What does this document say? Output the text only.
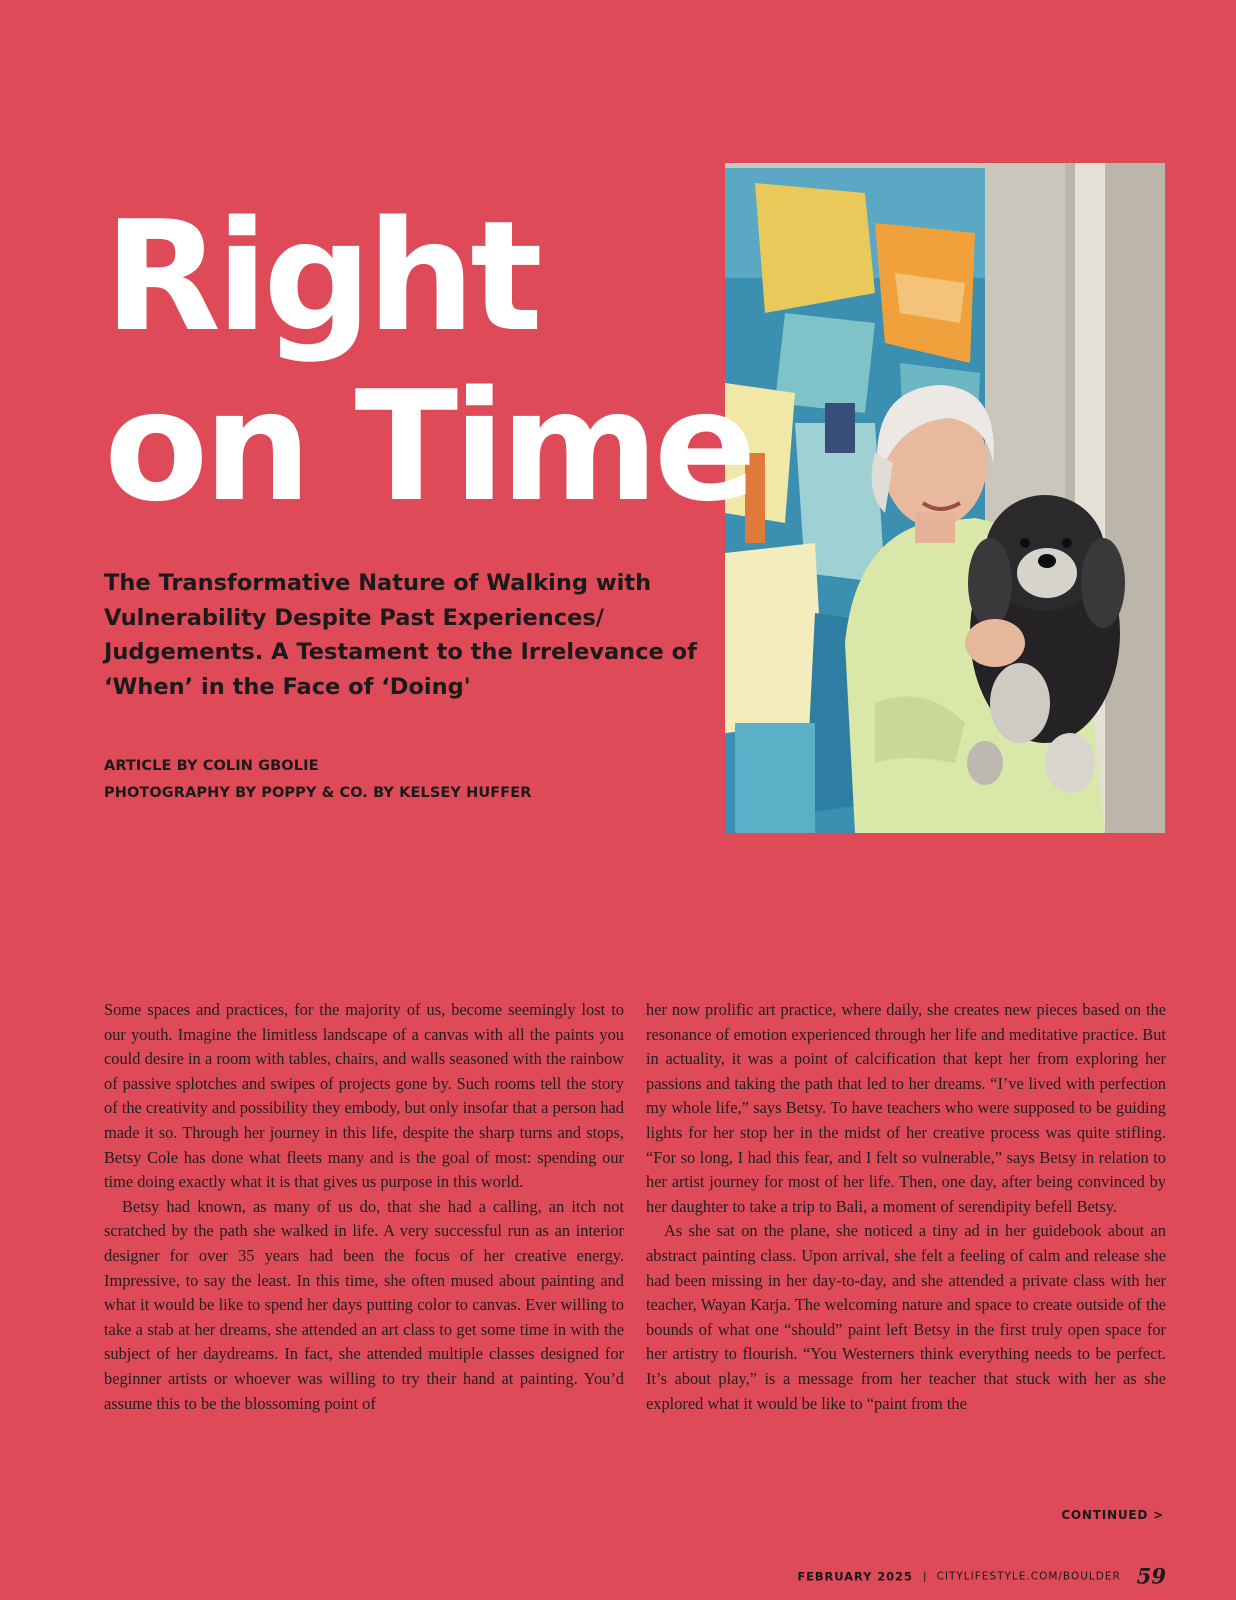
Right
on Time
The Transformative Nature of Walking with Vulnerability Despite Past Experiences/ Judgements. A Testament to the Irrelevance of ‘When’ in the Face of ‘Doing'
ARTICLE BY COLIN GBOLIE
PHOTOGRAPHY BY POPPY & CO. BY KELSEY HUFFER

Some spaces and practices, for the majority of us, become seemingly lost to our youth. Imagine the limitless landscape of a canvas with all the paints you could desire in a room with tables, chairs, and walls seasoned with the rainbow of passive splotches and swipes of projects gone by. Such rooms tell the story of the creativity and possibility they embody, but only insofar that a person had made it so. Through her journey in this life, despite the sharp turns and stops, Betsy Cole has done what fleets many and is the goal of most: spending our time doing exactly what it is that gives us purpose in this world.

Betsy had known, as many of us do, that she had a calling, an itch not scratched by the path she walked in life. A very successful run as an interior designer for over 35 years had been the focus of her creative energy. Impressive, to say the least. In this time, she often mused about painting and what it would be like to spend her days putting color to canvas. Ever willing to take a stab at her dreams, she attended an art class to get some time in with the subject of her daydreams. In fact, she attended multiple classes designed for beginner artists or whoever was willing to try their hand at painting. You’d assume this to be the blossoming point of

her now prolific art practice, where daily, she creates new pieces based on the resonance of emotion experienced through her life and meditative practice. But in actuality, it was a point of calcification that kept her from exploring her passions and taking the path that led to her dreams. “I’ve lived with perfection my whole life,” says Betsy. To have teachers who were supposed to be guiding lights for her stop her in the midst of her creative process was quite stifling. “For so long, I had this fear, and I felt so vulnerable,” says Betsy in relation to her artist journey for most of her life. Then, one day, after being convinced by her daughter to take a trip to Bali, a moment of serendipity befell Betsy.

As she sat on the plane, she noticed a tiny ad in her guidebook about an abstract painting class. Upon arrival, she felt a feeling of calm and release she had been missing in her day-to-day, and she attended a private class with her teacher, Wayan Karja. The welcoming nature and space to create outside of the bounds of what one “should” paint left Betsy in the first truly open space for her artistry to flourish. “You Westerners think everything needs to be perfect. It’s about play,” is a message from her teacher that stuck with her as she explored what it would be like to “paint from the

CONTINUED >
FEBRUARY 2025 | CITYLIFESTYLE.COM/BOULDER 59
